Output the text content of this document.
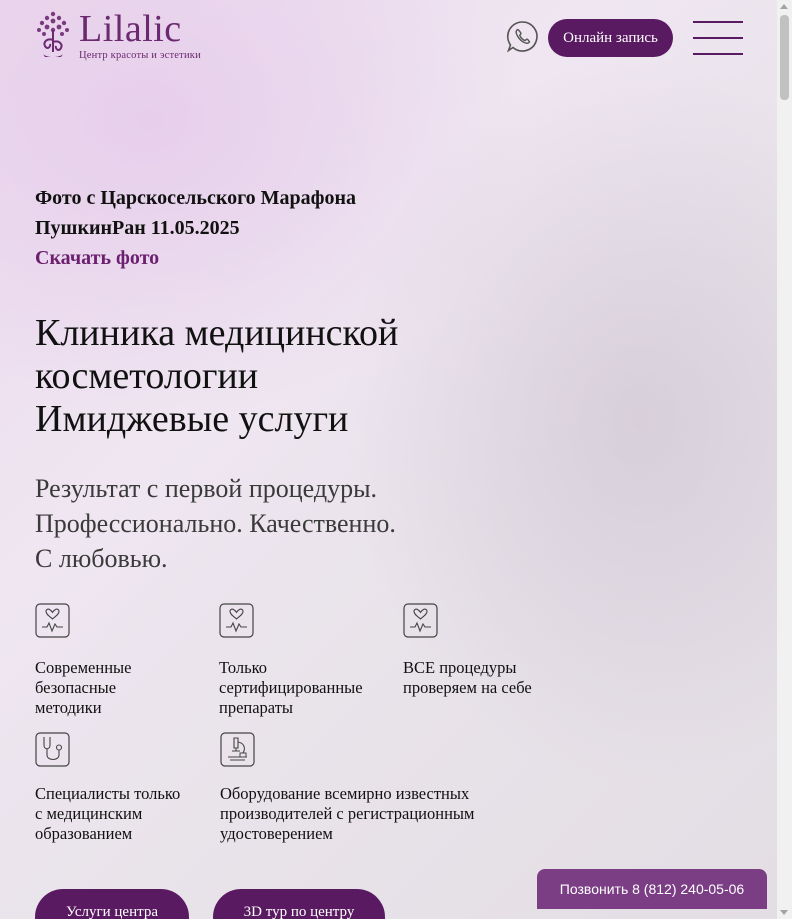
Lilalic
Центр красоты и эстетики
Онлайн запись
Фото с Царскосельского Марафона
ПушкинРан 11.05.2025
Скачать фото
Клиника медицинской
косметологии
Имиджевые услуги
Результат с первой процедуры.
Профессионально. Качественно.
С любовью.
Современные
безопасные
методики
Только
сертифицированные
препараты
ВСЕ процедуры
проверяем на себе
Специалисты только
с медицинским
образованием
Оборудование всемирно известных
производителей с регистрационным
удостоверением
Услуги центра	3D тур по центру
Позвонить 8 (812) 240-05-06
